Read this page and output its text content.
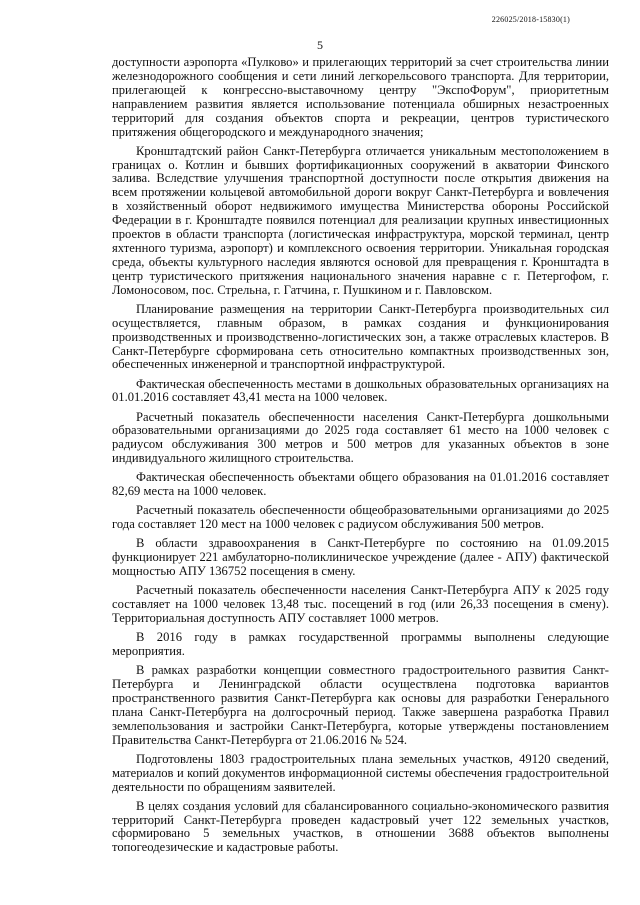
226025/2018-15830(1)
5

доступности аэропорта «Пулково» и прилегающих территорий за счет строительства линии железнодорожного сообщения и сети линий легкорельсового транспорта. Для территории, прилегающей к конгрессно-выставочному центру "ЭкспоФорум", приоритетным направлением развития является использование потенциала обширных незастроенных территорий для создания объектов спорта и рекреации, центров туристического притяжения общегородского и международного значения;

Кронштадтский район Санкт-Петербурга отличается уникальным местоположением в границах о. Котлин и бывших фортификационных сооружений в акватории Финского залива. Вследствие улучшения транспортной доступности после открытия движения на всем протяжении кольцевой автомобильной дороги вокруг Санкт-Петербурга и вовлечения в хозяйственный оборот недвижимого имущества Министерства обороны Российской Федерации в г. Кронштадте появился потенциал для реализации крупных инвестиционных проектов в области транспорта (логистическая инфраструктура, морской терминал, центр яхтенного туризма, аэропорт) и комплексного освоения территории. Уникальная городская среда, объекты культурного наследия являются основой для превращения г. Кронштадта в центр туристического притяжения национального значения наравне с г. Петергофом, г. Ломоносовом, пос. Стрельна, г. Гатчина, г. Пушкином и г. Павловском.

Планирование размещения на территории Санкт-Петербурга производительных сил осуществляется, главным образом, в рамках создания и функционирования производственных и производственно-логистических зон, а также отраслевых кластеров. В Санкт-Петербурге сформирована сеть относительно компактных производственных зон, обеспеченных инженерной и транспортной инфраструктурой.

Фактическая обеспеченность местами в дошкольных образовательных организациях на 01.01.2016 составляет 43,41 места на 1000 человек.

Расчетный показатель обеспеченности населения Санкт-Петербурга дошкольными образовательными организациями до 2025 года составляет 61 место на 1000 человек с радиусом обслуживания 300 метров и 500 метров для указанных объектов в зоне индивидуального жилищного строительства.

Фактическая обеспеченность объектами общего образования на 01.01.2016 составляет 82,69 места на 1000 человек.

Расчетный показатель обеспеченности общеобразовательными организациями до 2025 года составляет 120 мест на 1000 человек с радиусом обслуживания 500 метров.

В области здравоохранения в Санкт-Петербурге по состоянию на 01.09.2015 функционирует 221 амбулаторно-поликлиническое учреждение (далее - АПУ) фактической мощностью АПУ 136752 посещения в смену.

Расчетный показатель обеспеченности населения Санкт-Петербурга АПУ к 2025 году составляет на 1000 человек 13,48 тыс. посещений в год (или 26,33 посещения в смену). Территориальная доступность АПУ составляет 1000 метров.

В 2016 году в рамках государственной программы выполнены следующие мероприятия.

В рамках разработки концепции совместного градостроительного развития Санкт-Петербурга и Ленинградской области осуществлена подготовка вариантов пространственного развития Санкт-Петербурга как основы для разработки Генерального плана Санкт-Петербурга на долгосрочный период. Также завершена разработка Правил землепользования и застройки Санкт-Петербурга, которые утверждены постановлением Правительства Санкт-Петербурга от 21.06.2016 № 524.

Подготовлены 1803 градостроительных плана земельных участков, 49120 сведений, материалов и копий документов информационной системы обеспечения градостроительной деятельности по обращениям заявителей.

В целях создания условий для сбалансированного социально-экономического развития территорий Санкт-Петербурга проведен кадастровый учет 122 земельных участков, сформировано 5 земельных участков, в отношении 3688 объектов выполнены топогеодезические и кадастровые работы.
